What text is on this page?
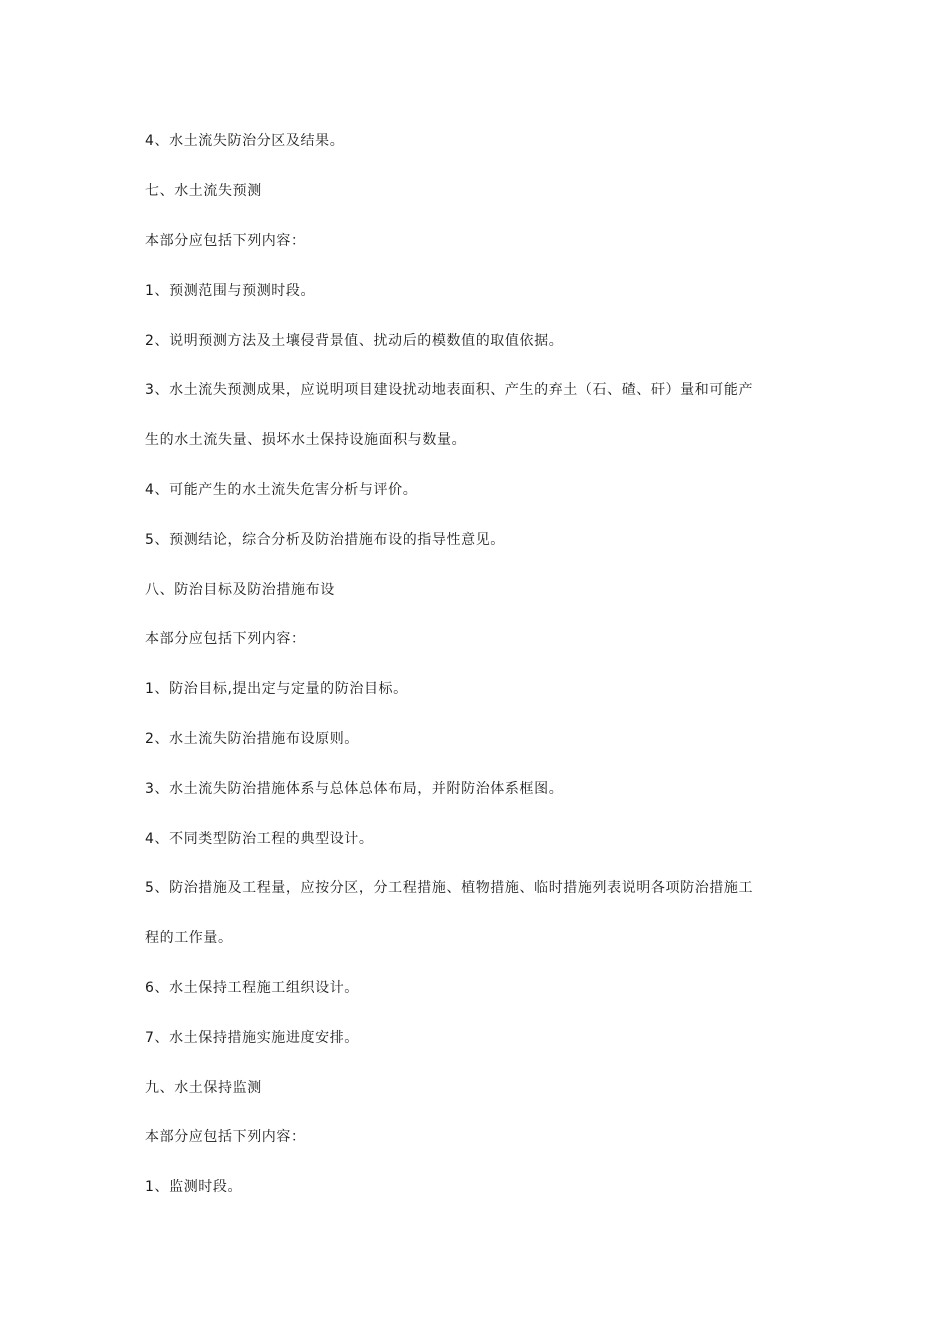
4、水土流失防治分区及结果。
七、水土流失预测
本部分应包括下列内容：
1、预测范围与预测时段。
2、说明预测方法及土壤侵背景值、扰动后的模数值的取值依据。
3、水土流失预测成果，应说明项目建设扰动地表面积、产生的弃土（石、碴、矸）量和可能产
生的水土流失量、损坏水土保持设施面积与数量。
4、可能产生的水土流失危害分析与评价。
5、预测结论，综合分析及防治措施布设的指导性意见。
八、防治目标及防治措施布设
本部分应包括下列内容：
1、防治目标,提出定与定量的防治目标。
2、水土流失防治措施布设原则。
3、水土流失防治措施体系与总体总体布局，并附防治体系框图。
4、不同类型防治工程的典型设计。
5、防治措施及工程量，应按分区，分工程措施、植物措施、临时措施列表说明各项防治措施工
程的工作量。
6、水土保持工程施工组织设计。
7、水土保持措施实施进度安排。
九、水土保持监测
本部分应包括下列内容：
1、监测时段。
